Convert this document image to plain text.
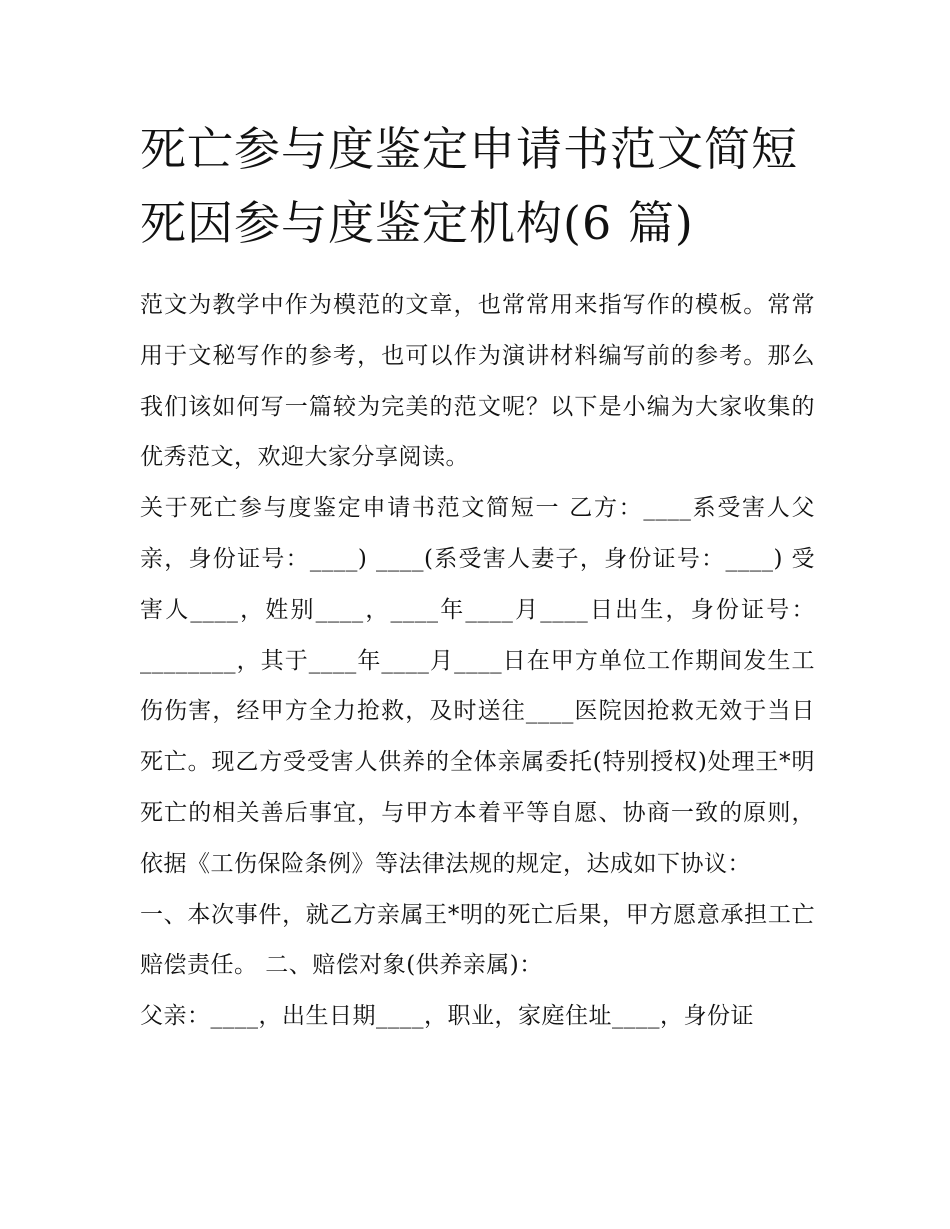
死亡参与度鉴定申请书范文简短 死因参与度鉴定机构(6 篇)

范文为教学中作为模范的文章，也常常用来指写作的模板。常常用于文秘写作的参考，也可以作为演讲材料编写前的参考。那么我们该如何写一篇较为完美的范文呢？以下是小编为大家收集的优秀范文，欢迎大家分享阅读。

关于死亡参与度鉴定申请书范文简短一 乙方：____系受害人父亲，身份证号：____) ____(系受害人妻子，身份证号：____) 受害人____，姓别____，____年____月____日出生，身份证号：________，其于____年____月____日在甲方单位工作期间发生工伤伤害，经甲方全力抢救，及时送往____医院因抢救无效于当日死亡。现乙方受受害人供养的全体亲属委托(特别授权)处理王*明死亡的相关善后事宜，与甲方本着平等自愿、协商一致的原则，依据《工伤保险条例》等法律法规的规定，达成如下协议：

一、本次事件，就乙方亲属王*明的死亡后果，甲方愿意承担工亡赔偿责任。 二、赔偿对象(供养亲属)：

父亲：____，出生日期____，职业，家庭住址____，身份证
